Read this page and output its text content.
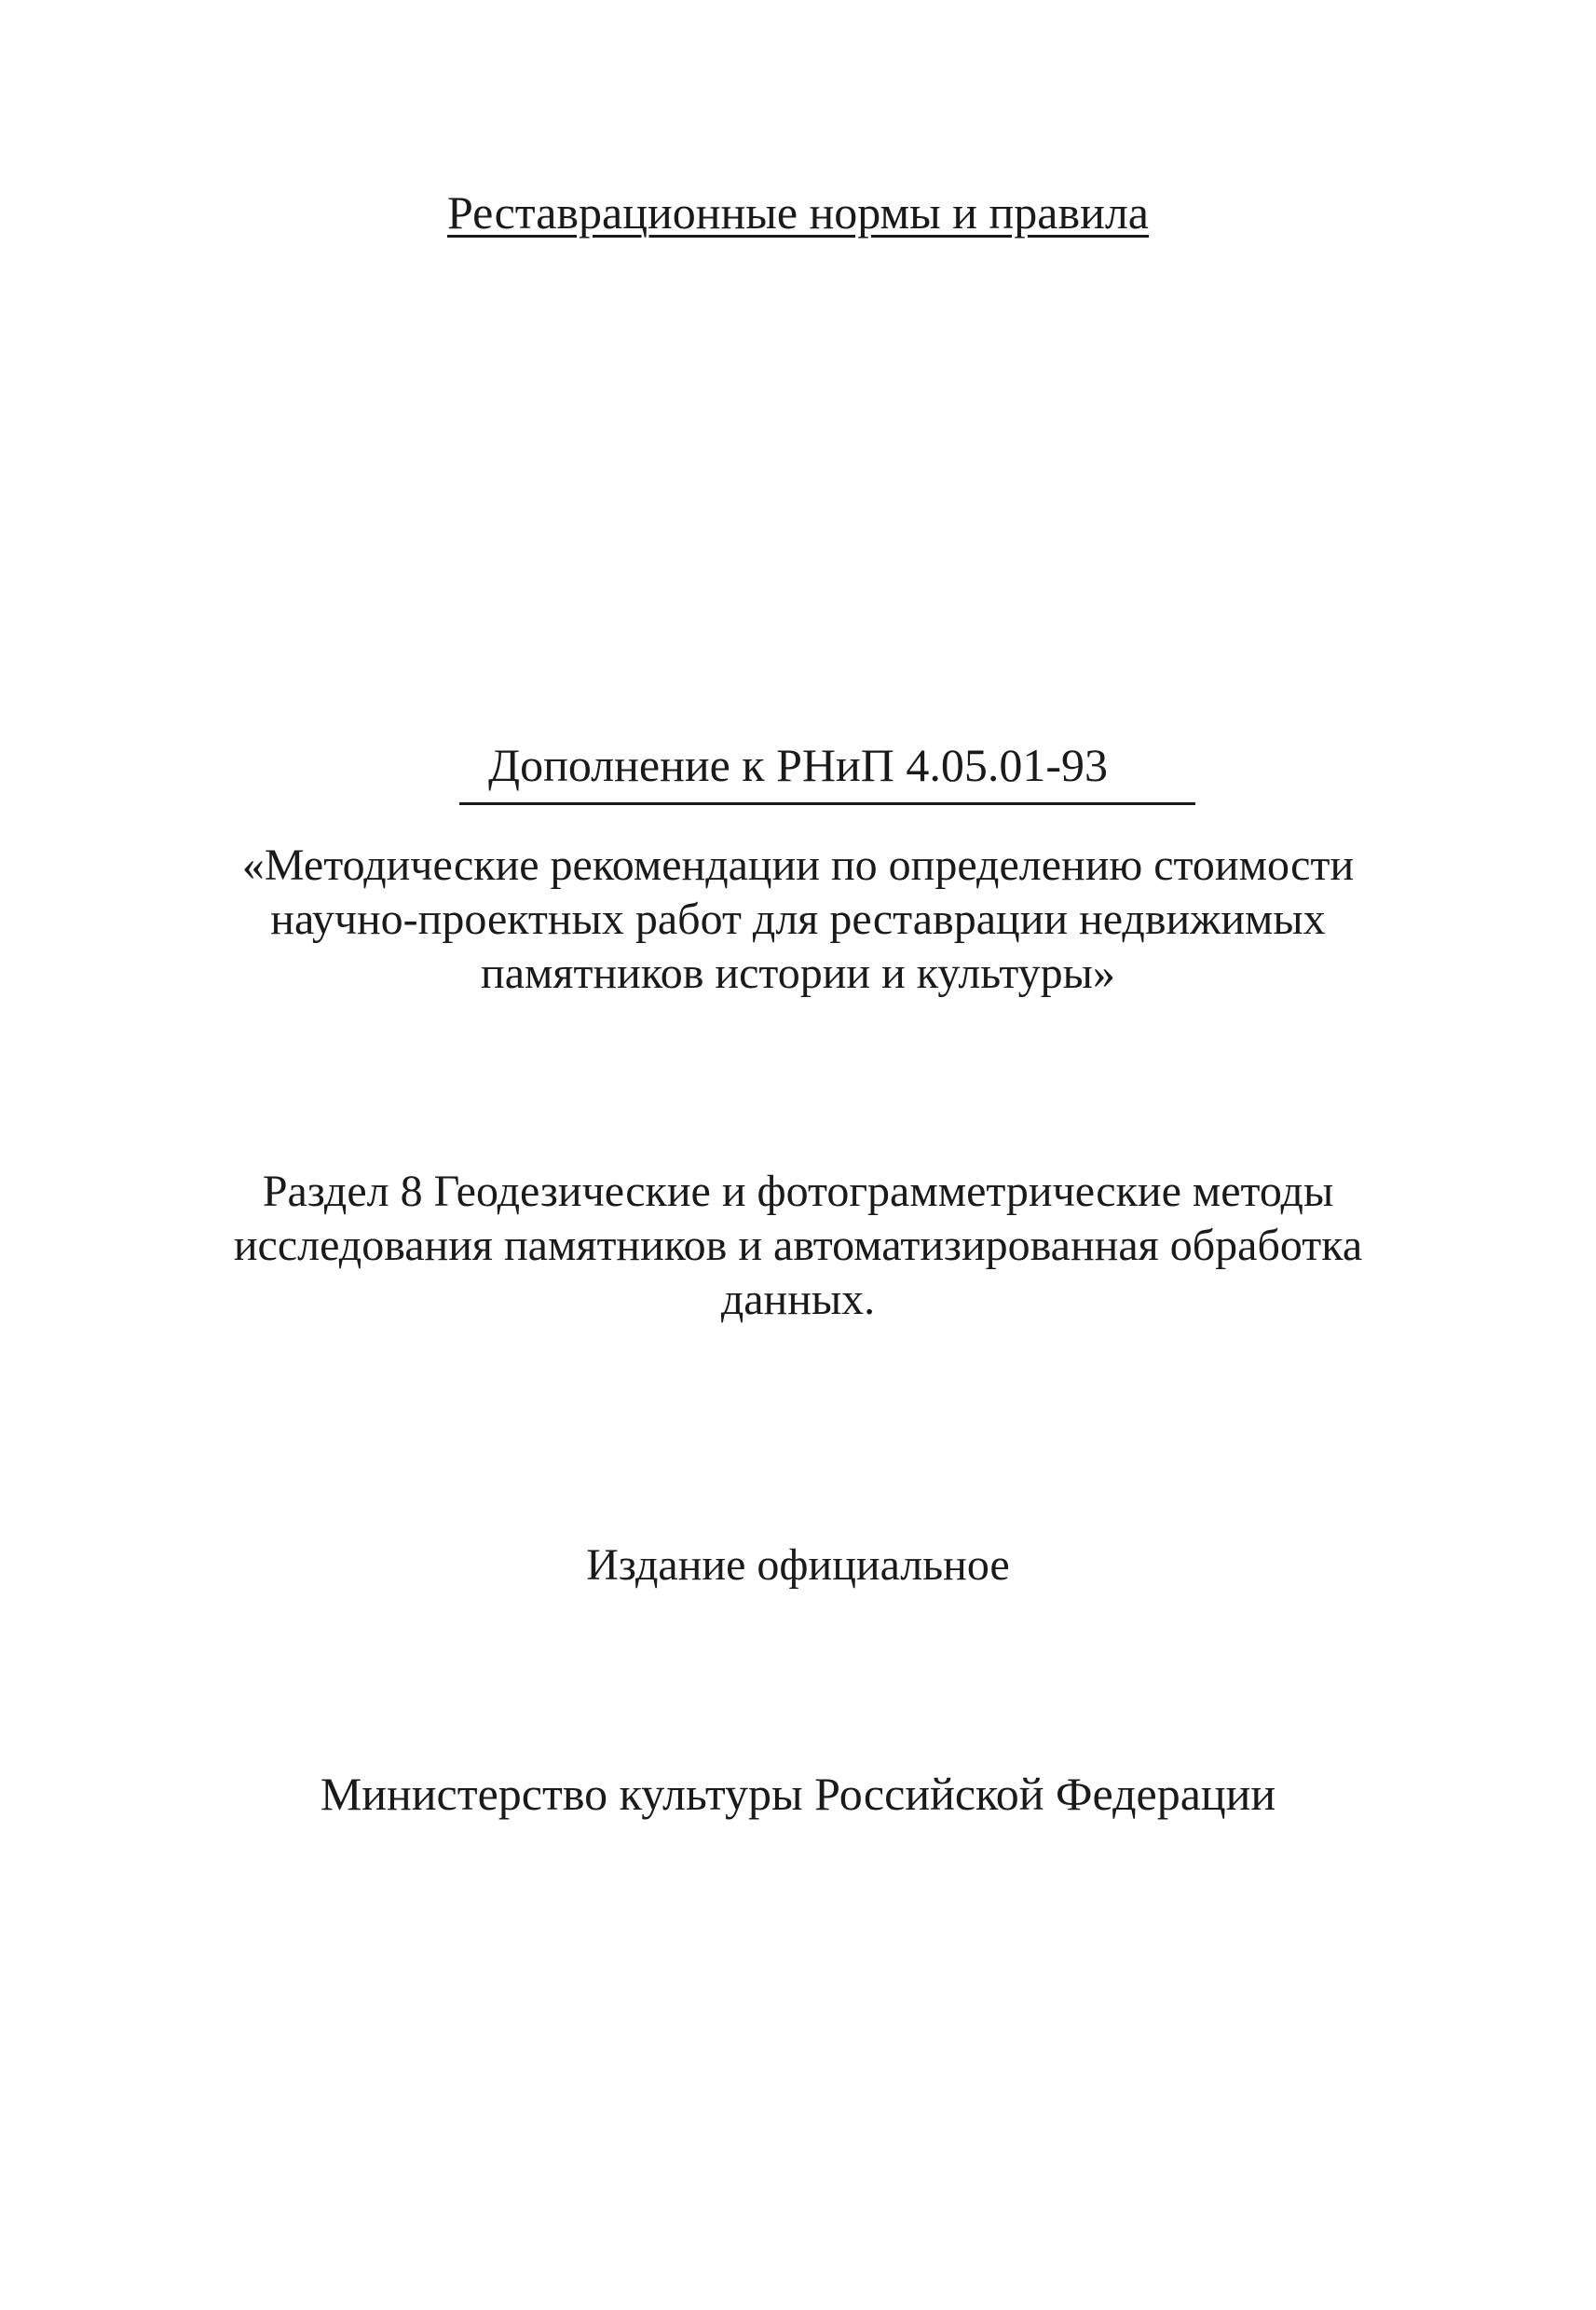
Реставрационные нормы и правила
Дополнение к РНиП 4.05.01-93
«Методические рекомендации по определению стоимости
научно-проектных работ для реставрации недвижимых
памятников истории и культуры»
Раздел 8 Геодезические и фотограмметрические методы
исследования памятников и автоматизированная обработка
данных.
Издание официальное
Министерство культуры Российской Федерации
